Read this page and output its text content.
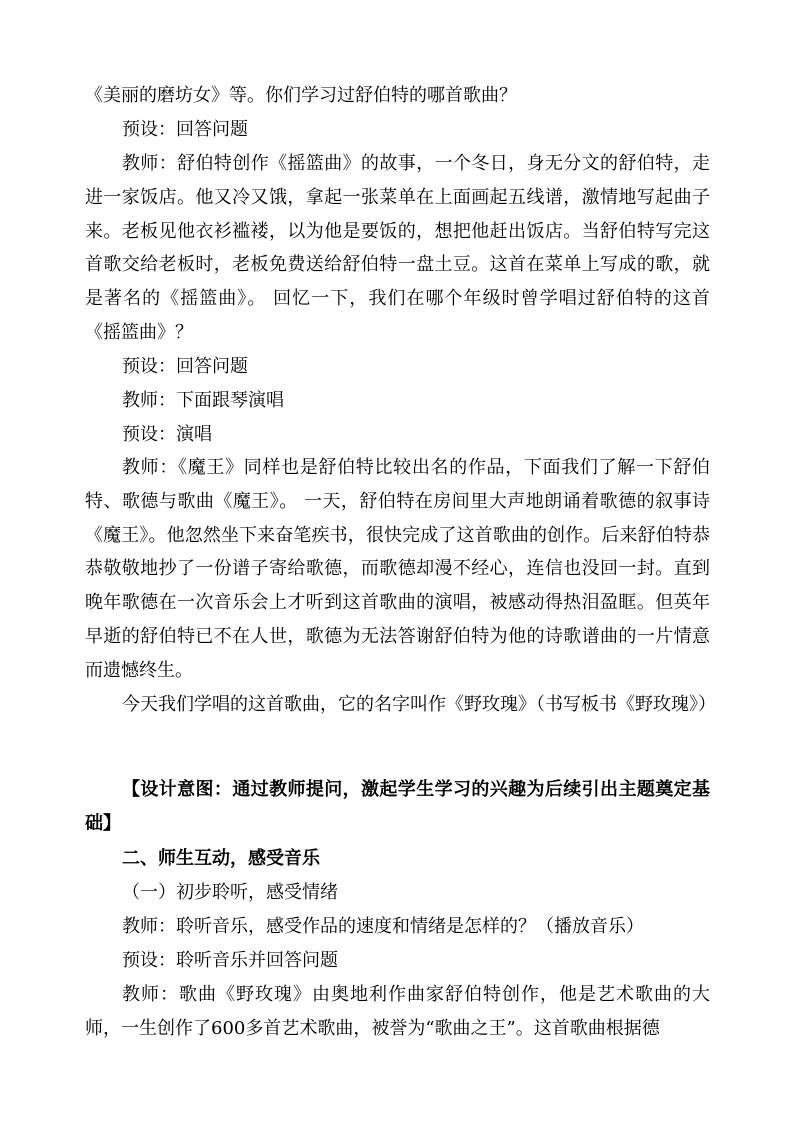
《美丽的磨坊女》等。你们学习过舒伯特的哪首歌曲？

预设：回答问题

教师：舒伯特创作《摇篮曲》的故事，一个冬日，身无分文的舒伯特，走进一家饭店。他又冷又饿，拿起一张菜单在上面画起五线谱，激情地写起曲子来。老板见他衣衫褴褛，以为他是要饭的，想把他赶出饭店。当舒伯特写完这首歌交给老板时，老板免费送给舒伯特一盘土豆。这首在菜单上写成的歌，就是著名的《摇篮曲》。 回忆一下，我们在哪个年级时曾学唱过舒伯特的这首《摇篮曲》？

预设：回答问题

教师：下面跟琴演唱

预设：演唱

教师：《魔王》同样也是舒伯特比较出名的作品，下面我们了解一下舒伯特、歌德与歌曲《魔王》。 一天，舒伯特在房间里大声地朗诵着歌德的叙事诗《魔王》。他忽然坐下来奋笔疾书，很快完成了这首歌曲的创作。后来舒伯特恭恭敬敬地抄了一份谱子寄给歌德，而歌德却漫不经心，连信也没回一封。直到晚年歌德在一次音乐会上才听到这首歌曲的演唱，被感动得热泪盈眶。但英年早逝的舒伯特已不在人世，歌德为无法答谢舒伯特为他的诗歌谱曲的一片情意而遗憾终生。

今天我们学唱的这首歌曲，它的名字叫作《野玫瑰》（书写板书《野玫瑰》）

【设计意图：通过教师提问，激起学生学习的兴趣为后续引出主题奠定基础】

二、师生互动，感受音乐

（一）初步聆听，感受情绪

教师：聆听音乐，感受作品的速度和情绪是怎样的？（播放音乐）

预设：聆听音乐并回答问题

教师：歌曲《野玫瑰》由奥地利作曲家舒伯特创作，他是艺术歌曲的大师，一生创作了600多首艺术歌曲，被誉为“歌曲之王”。这首歌曲根据德
